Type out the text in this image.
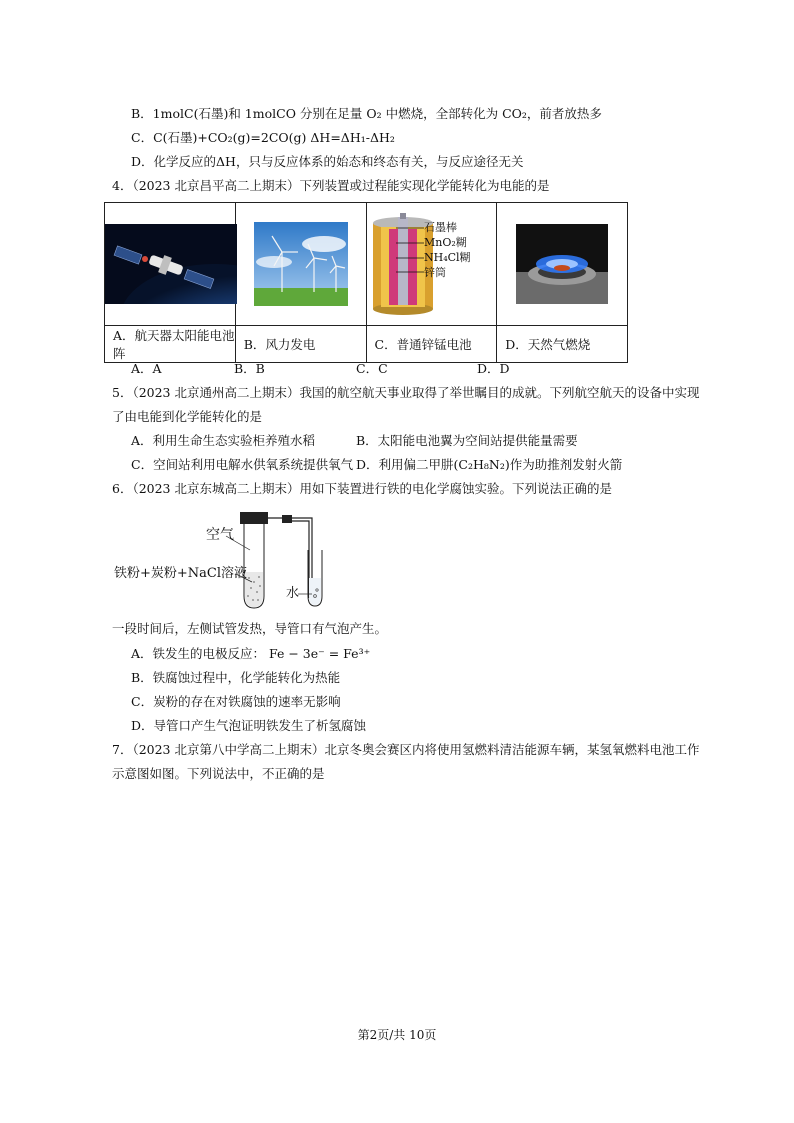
B．1molC(石墨)和 1molCO 分别在足量 O₂ 中燃烧，全部转化为 CO₂，前者放热多
C．C(石墨)+CO₂(g)=2CO(g) ΔH=ΔH₁-ΔH₂
D．化学反应的ΔH，只与反应体系的始态和终态有关，与反应途径无关
4．（2023 北京昌平高二上期末）下列装置或过程能实现化学能转化为电能的是

A．航天器太阳能电池阵	B．风力发电	C．普通锌锰电池	D．天然气燃烧
石墨棒
MnO₂糊
NH₄Cl糊
锌筒
A．A	B．B	C．C	D．D
5．（2023 北京通州高二上期末）我国的航空航天事业取得了举世瞩目的成就。下列航空航天的设备中实现
了由电能到化学能转化的是
A．利用生命生态实验柜养殖水稻	B．太阳能电池翼为空间站提供能量需要
C．空间站利用电解水供氧系统提供氧气 D．利用偏二甲肼(C₂H₈N₂)作为助推剂发射火箭
6．（2023 北京东城高二上期末）用如下装置进行铁的电化学腐蚀实验。下列说法正确的是
空气
铁粉+炭粉+NaCl溶液
水
一段时间后，左侧试管发热，导管口有气泡产生。
A．铁发生的电极反应： Fe − 3e⁻ = Fe³⁺
B．铁腐蚀过程中，化学能转化为热能
C．炭粉的存在对铁腐蚀的速率无影响
D．导管口产生气泡证明铁发生了析氢腐蚀
7．（2023 北京第八中学高二上期末）北京冬奥会赛区内将使用氢燃料清洁能源车辆，某氢氧燃料电池工作
示意图如图。下列说法中，不正确的是
第2页/共 10页
